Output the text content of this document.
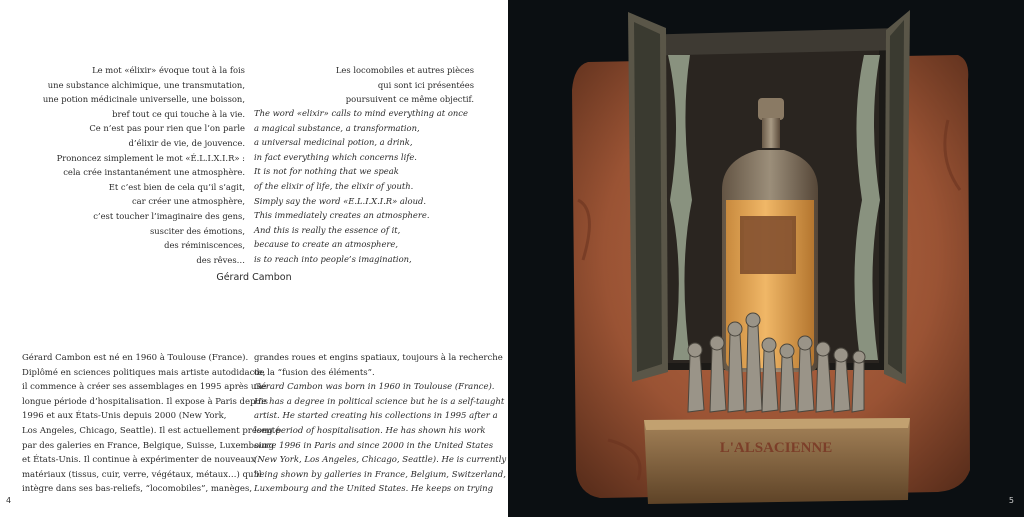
Le mot «élixir» évoque tout à la fois
une substance alchimique, une transmutation,
une potion médicinale universelle, une boisson,
bref tout ce qui touche à la vie.
Ce n’est pas pour rien que l’on parle
d’élixir de vie, de jouvence.
Prononcez simplement le mot «É.L.I.X.I.R» :
cela crée instantanément une atmosphère.
Et c’est bien de cela qu’il s’agit,
car créer une atmosphère,
c’est toucher l’imaginaire des gens,
susciter des émotions,
des réminiscences,
des rêves…
Les locomobiles et autres pièces
qui sont ici présentées
poursuivent ce même objectif.
The word «elixir» calls to mind everything at once
a magical substance, a transformation,
a universal medicinal potion, a drink,
in fact everything which concerns life.
It is not for nothing that we speak
of the elixir of life, the elixir of youth.
Simply say the word «E.L.I.X.I.R» aloud.
This immediately creates an atmosphere.
And this is really the essence of it,
because to create an atmosphere,
is to reach into people’s imagination,
Gérard Cambon
Gérard Cambon est né en 1960 à Toulouse (France).
Diplômé en sciences politiques mais artiste autodidacte,
il commence à créer ses assemblages en 1995 après une
longue période d’hospitalisation. Il expose à Paris depuis
1996 et aux États-Unis depuis 2000 (New York,
Los Angeles, Chicago, Seattle). Il est actuellement présenté
par des galeries en France, Belgique, Suisse, Luxembourg
et États-Unis. Il continue à expérimenter de nouveaux
matériaux (tissus, cuir, verre, végétaux, métaux…) qu’il
intègre dans ses bas-reliefs, “locomobiles”, manèges,
grandes roues et engins spatiaux, toujours à la recherche
de la “fusion des éléments”.
Gérard Cambon was born in 1960 in Toulouse (France).
He has a degree in political science but he is a self-taught
artist. He started creating his collections in 1995 after a
long period of hospitalisation. He has shown his work
since 1996 in Paris and since 2000 in the United States
(New York, Los Angeles, Chicago, Seattle). He is currently
being shown by galleries in France, Belgium, Switzerland,
Luxembourg and the United States. He keeps on trying
4
L'ALSACIENNE
5
